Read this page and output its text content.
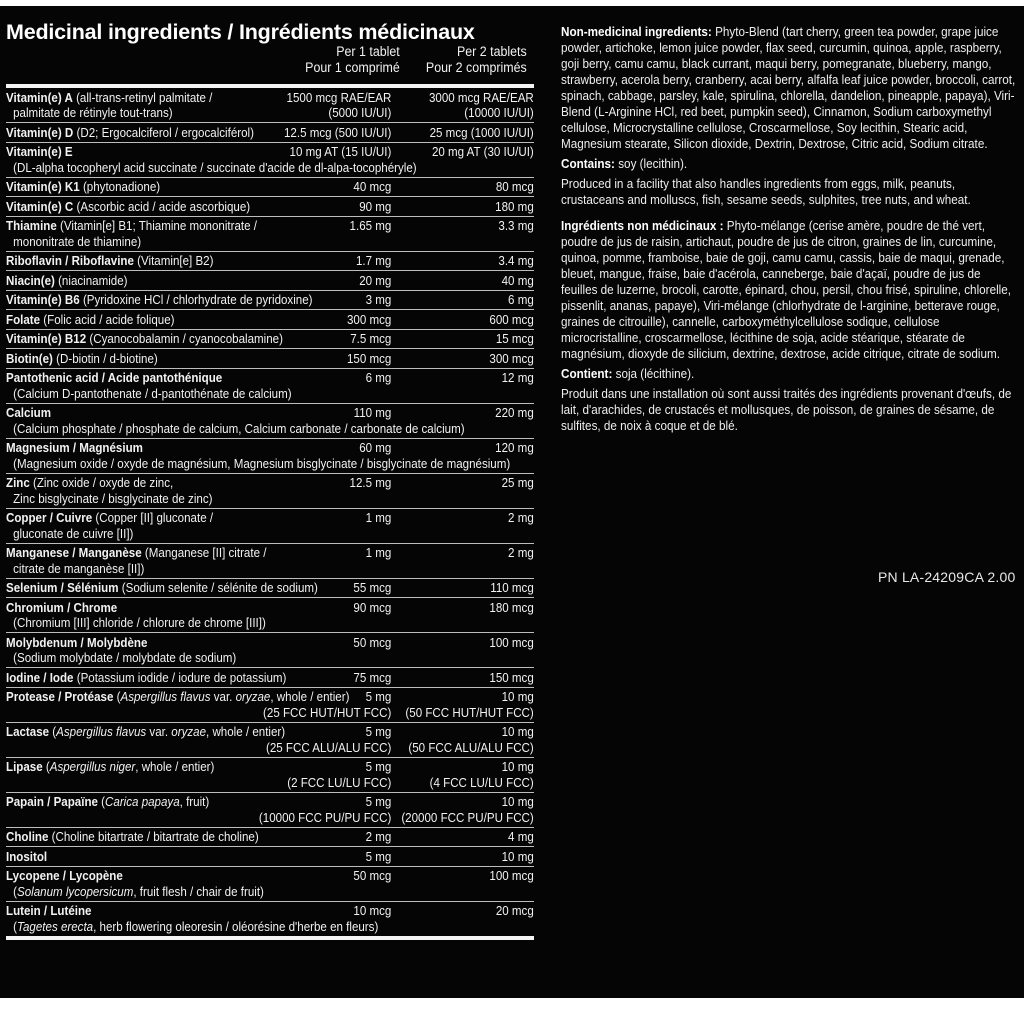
Medicinal ingredients / Ingrédients médicinaux
Per 1 tablet
Pour 1 comprimé
Per 2 tablets
Pour 2 comprimés
Vitamin(e) A (all-trans-retinyl palmitate /
palmitate de rétinyle tout-trans)
1500 mcg RAE/EAR	3000 mcg RAE/EAR
(5000 IU/UI)	(10000 IU/UI)
Vitamin(e) D (D2; Ergocalciferol / ergocalciférol)	12.5 mcg (500 IU/UI)	25 mcg (1000 IU/UI)
Vitamin(e) E
(DL-alpha tocopheryl acid succinate / succinate d'acide de dl-alpa-tocophéryle)
10 mg AT (15 IU/UI)	20 mg AT (30 IU/UI)
Vitamin(e) K1 (phytonadione)	40 mcg	80 mcg
Vitamin(e) C (Ascorbic acid / acide ascorbique)	90 mg	180 mg
Thiamine (Vitamin[e] B1; Thiamine mononitrate /
mononitrate de thiamine)
1.65 mg	3.3 mg
Riboflavin / Riboflavine (Vitamin[e] B2)	1.7 mg	3.4 mg
Niacin(e) (niacinamide)	20 mg	40 mg
Vitamin(e) B6 (Pyridoxine HCl / chlorhydrate de pyridoxine)	3 mg	6 mg
Folate (Folic acid / acide folique)	300 mcg	600 mcg
Vitamin(e) B12 (Cyanocobalamin / cyanocobalamine)	7.5 mcg	15 mcg
Biotin(e) (D-biotin / d-biotine)	150 mcg	300 mcg
Pantothenic acid / Acide pantothénique
(Calcium D-pantothenate / d-pantothénate de calcium)
6 mg	12 mg
Calcium
(Calcium phosphate / phosphate de calcium, Calcium carbonate / carbonate de calcium)
110 mg	220 mg
Magnesium / Magnésium
(Magnesium oxide / oxyde de magnésium, Magnesium bisglycinate / bisglycinate de magnésium)
60 mg	120 mg
Zinc (Zinc oxide / oxyde de zinc,
Zinc bisglycinate / bisglycinate de zinc)
12.5 mg	25 mg
Copper / Cuivre (Copper [II] gluconate /
gluconate de cuivre [II])
1 mg	2 mg
Manganese / Manganèse (Manganese [II] citrate /
citrate de manganèse [II])
1 mg	2 mg
Selenium / Sélénium (Sodium selenite / sélénite de sodium)	55 mcg	110 mcg
Chromium / Chrome
(Chromium [III] chloride / chlorure de chrome [III])
90 mcg	180 mcg
Molybdenum / Molybdène
(Sodium molybdate / molybdate de sodium)
50 mcg	100 mcg
Iodine / Iode (Potassium iodide / iodure de potassium)	75 mcg	150 mcg
Protease / Protéase (Aspergillus flavus var. oryzae, whole / entier)
	5 mg	10 mg
(25 FCC HUT/HUT FCC) (50 FCC HUT/HUT FCC)
Lactase (Aspergillus flavus var. oryzae, whole / entier)
	5 mg	10 mg
(25 FCC ALU/ALU FCC) (50 FCC ALU/ALU FCC)
Lipase (Aspergillus niger, whole / entier)
	5 mg	10 mg
(2 FCC LU/LU FCC)	(4 FCC LU/LU FCC)
Papain / Papaïne (Carica papaya, fruit)
	5 mg	10 mg
(10000 FCC PU/PU FCC) (20000 FCC PU/PU FCC)
Choline (Choline bitartrate / bitartrate de choline)	2 mg	4 mg
Inositol	5 mg	10 mg
Lycopene / Lycopène
(Solanum lycopersicum, fruit flesh / chair de fruit)
50 mcg	100 mcg
Lutein / Lutéine
(Tagetes erecta, herb flowering oleoresin / oléorésine d'herbe en fleurs)
10 mcg	20 mcg
Non-medicinal ingredients: Phyto-Blend (tart cherry, green tea powder, grape juice powder, artichoke, lemon juice powder, flax seed, curcumin, quinoa, apple, raspberry, goji berry, camu camu, black currant, maqui berry, pomegranate, blueberry, mango, strawberry, acerola berry, cranberry, acai berry, alfalfa leaf juice powder, broccoli, carrot, spinach, cabbage, parsley, kale, spirulina, chlorella, dandelion, pineapple, papaya), Viri-Blend (L-Arginine HCl, red beet, pumpkin seed), Cinnamon, Sodium carboxymethyl cellulose, Microcrystalline cellulose, Croscarmellose, Soy lecithin, Stearic acid, Magnesium stearate, Silicon dioxide, Dextrin, Dextrose, Citric acid, Sodium citrate.
Contains: soy (lecithin).
Produced in a facility that also handles ingredients from eggs, milk, peanuts, crustaceans and molluscs, fish, sesame seeds, sulphites, tree nuts, and wheat.
Ingrédients non médicinaux : Phyto-mélange (cerise amère, poudre de thé vert, poudre de jus de raisin, artichaut, poudre de jus de citron, graines de lin, curcumine, quinoa, pomme, framboise, baie de goji, camu camu, cassis, baie de maqui, grenade, bleuet, mangue, fraise, baie d'acérola, canneberge, baie d'açaï, poudre de jus de feuilles de luzerne, brocoli, carotte, épinard, chou, persil, chou frisé, spiruline, chlorelle, pissenlit, ananas, papaye), Viri-mélange (chlorhydrate de l-arginine, betterave rouge, graines de citrouille), cannelle, carboxyméthylcellulose sodique, cellulose microcristalline, croscarmellose, lécithine de soja, acide stéarique, stéarate de magnésium, dioxyde de silicium, dextrine, dextrose, acide citrique, citrate de sodium.
Contient: soja (lécithine).
Produit dans une installation où sont aussi traités des ingrédients provenant d'œufs, de lait, d'arachides, de crustacés et mollusques, de poisson, de graines de sésame, de sulfites, de noix à coque et de blé.
PN LA-24209CA 2.00
